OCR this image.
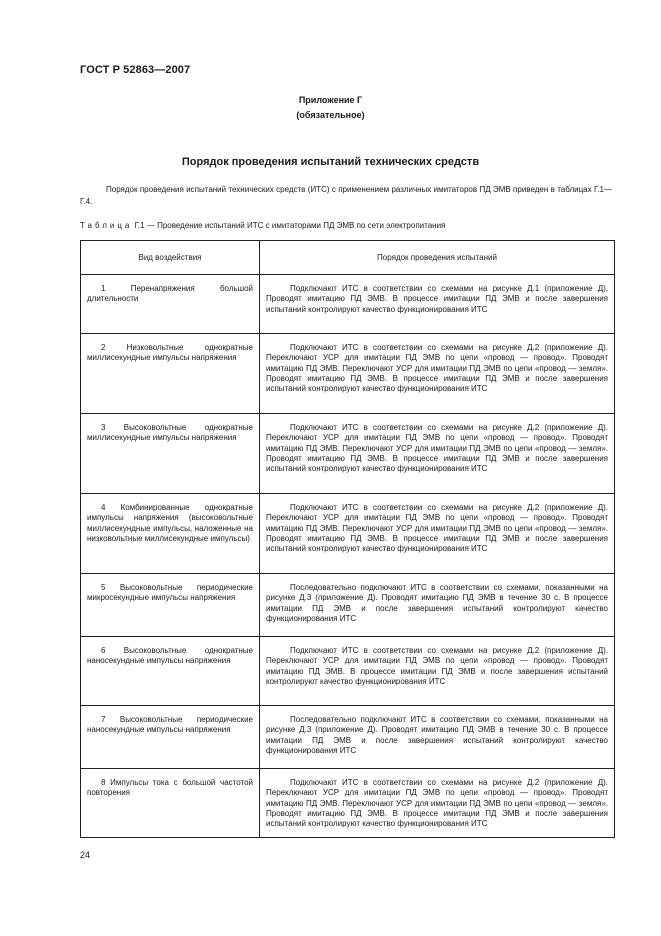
ГОСТ Р 52863—2007
Приложение Г
(обязательное)
Порядок проведения испытаний технических средств
Порядок проведения испытаний технических средств (ИТС) с применением различных имитаторов ПД ЭМВ приведен в таблицах Г.1—Г.4.
Таблица Г.1 — Проведение испытаний ИТС с имитаторами ПД ЭМВ по сети электропитания
Вид воздействия	Порядок проведения испытаний
1 Перенапряжения большой длительности	Подключают ИТС в соответствии со схемами на рисунке Д.1 (приложение Д). Проводят имитацию ПД ЭМВ. В процессе имитации ПД ЭМВ и после завершения испытаний контролируют качество функционирования ИТС
2 Низковольтные однократные миллисекундные импульсы напряжения	Подключают ИТС в соответствии со схемами на рисунке Д.2 (приложение Д). Переключают УСР для имитации ПД ЭМВ по цепи «провод — провод». Проводят имитацию ПД ЭМВ. Переключают УСР для имитации ПД ЭМВ по цепи «провод — земля». Проводят имитацию ПД ЭМВ. В процессе имитации ПД ЭМВ и после завершения испытаний контролируют качество функционирования ИТС
3 Высоковольтные однократные миллисекундные импульсы напряжения	Подключают ИТС в соответствии со схемами на рисунке Д.2 (приложение Д). Переключают УСР для имитации ПД ЭМВ по цепи «провод — провод». Проводят имитацию ПД ЭМВ. Переключают УСР для имитации ПД ЭМВ по цепи «провод — земля». Проводят имитацию ПД ЭМВ. В процессе имитации ПД ЭМВ и после завершения испытаний контролируют качество функционирования ИТС
4 Комбинированные однократные импульсы напряжения (высоковольтные миллисекундные импульсы, наложенные на низковольтные миллисекундные импульсы)	Подключают ИТС в соответствии со схемами на рисунке Д.2 (приложение Д). Переключают УСР для имитации ПД ЭМВ по цепи «провод — провод». Проводят имитацию ПД ЭМВ. Переключают УСР для имитации ПД ЭМВ по цепи «провод — земля». Проводят имитацию ПД ЭМВ. В процессе имитации ПД ЭМВ и после завершения испытаний контролируют качество функционирования ИТС
5 Высоковольтные периодические микросекундные импульсы напряжения	Последовательно подключают ИТС в соответствии со схемами, показанными на рисунке Д.3 (приложение Д). Проводят имитацию ПД ЭМВ в течение 30 с. В процессе имитации ПД ЭМВ и после завершения испытаний контролируют качество функционирования ИТС
6 Высоковольтные однократные наносекундные импульсы напряжения	Подключают ИТС в соответствии со схемами на рисунке Д.2 (приложение Д). Переключают УСР для имитации ПД ЭМВ по цепи «провод — провод». Проводят имитацию ПД ЭМВ. В процессе имитации ПД ЭМВ и после завершения испытаний контролируют качество функционирования ИТС
7 Высоковольтные периодические наносекундные импульсы напряжения	Последовательно подключают ИТС в соответствии со схемами, показанными на рисунке Д.3 (приложение Д). Проводят имитацию ПД ЭМВ в течение 30 с. В процессе имитации ПД ЭМВ и после завершения испытаний контролируют качество функционирования ИТС
8 Импульсы тока с большой частотой повторения	Подключают ИТС в соответствии со схемами на рисунке Д.2 (приложение Д). Переключают УСР для имитации ПД ЭМВ по цепи «провод — провод». Проводят имитацию ПД ЭМВ. Переключают УСР для имитации ПД ЭМВ по цепи «провод — земля». Проводят имитацию ПД ЭМВ. В процессе имитации ПД ЭМВ и после завершения испытаний контролируют качество функционирования ИТС
24
